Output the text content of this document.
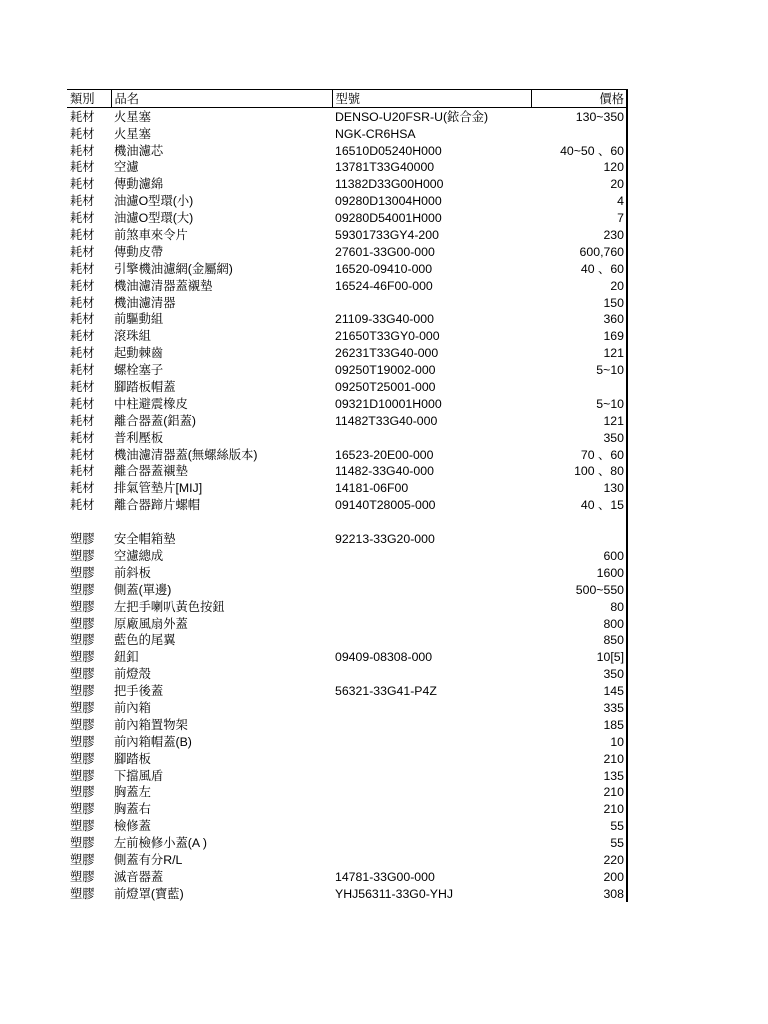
類別	品名	型號	價格
耗材	火星塞	DENSO-U20FSR-U(銥合金)	130~350
耗材	火星塞	NGK-CR6HSA	
耗材	機油濾芯	16510D05240H000	40~50 、60
耗材	空濾	13781T33G40000	120
耗材	傳動濾綿	11382D33G00H000	20
耗材	油濾O型環(小)	09280D13004H000	4
耗材	油濾O型環(大)	09280D54001H000	7
耗材	前煞車來令片	59301733GY4-200	230
耗材	傳動皮帶	27601-33G00-000	600,760
耗材	引擎機油濾網(金屬網)	16520-09410-000	40 、60
耗材	機油濾清器蓋襯墊	16524-46F00-000	20
耗材	機油濾清器		150
耗材	前驅動組	21109-33G40-000	360
耗材	滾珠組	21650T33GY0-000	169
耗材	起動棘齒	26231T33G40-000	121
耗材	螺栓塞子	09250T19002-000	5~10
耗材	腳踏板帽蓋	09250T25001-000	
耗材	中柱避震橡皮	09321D10001H000	5~10
耗材	離合器蓋(鋁蓋)	11482T33G40-000	121
耗材	普利壓板		350
耗材	機油濾清器蓋(無螺絲版本)	16523-20E00-000	70 、60
耗材	離合器蓋襯墊	11482-33G40-000	100 、80
耗材	排氣管墊片[MIJ]	14181-06F00	130
耗材	離合器蹄片螺帽	09140T28005-000	40 、15

塑膠	安全帽箱墊	92213-33G20-000	
塑膠	空濾總成		600
塑膠	前斜板		1600
塑膠	側蓋(單邊)		500~550
塑膠	左把手喇叭黃色按鈕		80
塑膠	原廠風扇外蓋		800
塑膠	藍色的尾翼		850
塑膠	鈕釦	09409-08308-000	10[5]
塑膠	前燈殼		350
塑膠	把手後蓋	56321-33G41-P4Z	145
塑膠	前內箱		335
塑膠	前內箱置物架		185
塑膠	前內箱帽蓋(B)		10
塑膠	腳踏板		210
塑膠	下擋風盾		135
塑膠	胸蓋左		210
塑膠	胸蓋右		210
塑膠	檢修蓋		55
塑膠	左前檢修小蓋(A )		55
塑膠	側蓋有分R/L		220
塑膠	滅音器蓋	14781-33G00-000	200
塑膠	前燈罩(寶藍)	YHJ56311-33G0-YHJ	308
